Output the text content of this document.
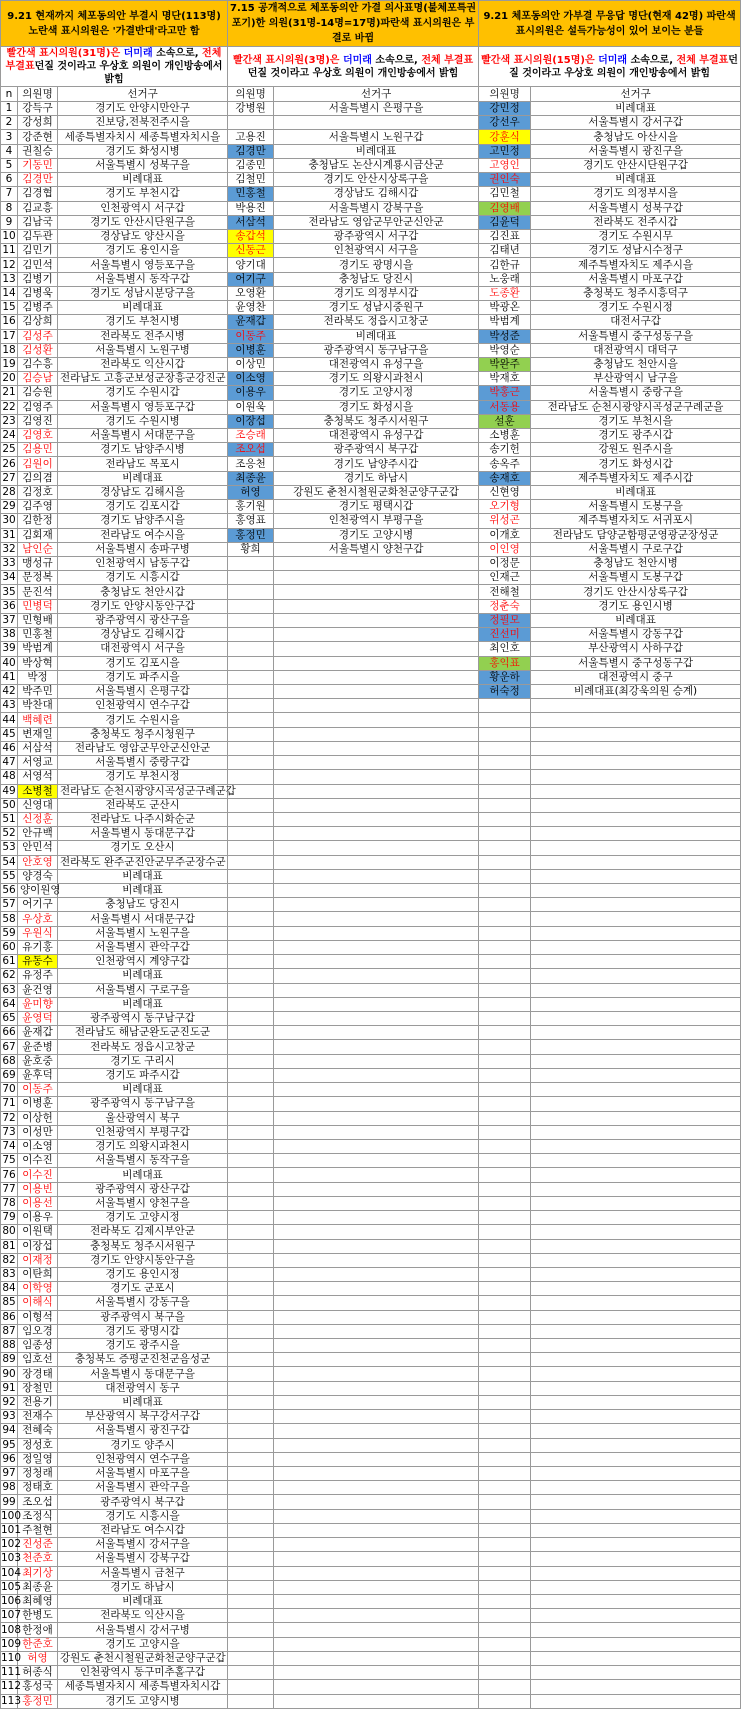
9.21 현재까지 체포동의안 부결시 명단(113명) 노란색 표시의원은 '가결반대'라고만 함			7.15 공개적으로 체포동의안 가결 의사표명(불체포특권 포기)한 의원(31명-14명=17명)파란색 표시의원은 부결로 바뀜		9.21 체포동의안 가부결 무응답 명단(현재 42명) 파란색 표시의원은 설득가능성이 있어 보이는 분들	
빨간색 표시의원(31명)은 더미래 소속으로, 전체 부결표던질 것이라고 우상호 의원이 개인방송에서 밝힘			빨간색 표시의원(3명)은 더미래 소속으로, 전체 부결표던질 것이라고 우상호 의원이 개인방송에서 밝힘		빨간색 표시의원(15명)은 더미래 소속으로, 전체 부결표던질 것이라고 우상호 의원이 개인방송에서 밝힘	
n	의원명	선거구	의원명	선거구	의원명	선거구
1	강득구	경기도 안양시만안구	강병원	서울특별시 은평구을	강민정	비례대표
2	강성희	진보당,전북전주시을			강선우	서울특별시 강서구갑
3	강준현	세종특별자치시 세종특별자치시을	고용진	서울특별시 노원구갑	강훈식	충청남도 아산시을
4	권칠승	경기도 화성시병	김경만	비례대표	고민정	서울특별시 광진구을
5	기동민	서울특별시 성북구을	김종민	충청남도 논산시계룡시금산군	고영인	경기도 안산시단원구갑
6	김경만	비례대표	김철민	경기도 안산시상록구을	권인숙	비례대표
7	김경협	경기도 부천시갑	민홍철	경상남도 김해시갑	김민철	경기도 의정부시을
8	김교흥	인천광역시 서구갑	박용진	서울특별시 강북구을	김영배	서울특별시 성북구갑
9	김남국	경기도 안산시단원구을	서삼석	전라남도 영암군무안군신안군	김윤덕	전라북도 전주시갑
10	김두관	경상남도 양산시을	송갑석	광주광역시 서구갑	김진표	경기도 수원시무
11	김민기	경기도 용인시을	신동근	인천광역시 서구을	김태년	경기도 성남시수정구
12	김민석	서울특별시 영등포구을	양기대	경기도 광명시을	김한규	제주특별자치도 제주시을
13	김병기	서울특별시 동작구갑	어기구	충청남도 당진시	노웅래	서울특별시 마포구갑
14	김병욱	경기도 성남시분당구을	오영환	경기도 의정부시갑	도종환	충청북도 청주시흥덕구
15	김병주	비례대표	윤영찬	경기도 성남시중원구	박광온	경기도 수원시정
16	김상희	경기도 부천시병	윤재갑	전라북도 정읍시고창군	박범계	대전서구갑
17	김성주	전라북도 전주시병	이동주	비례대표	박성준	서울특별시 중구성동구을
18	김성환	서울특별시 노원구병	이병훈	광주광역시 동구남구을	박영순	대전광역시 대덕구
19	김수흥	전라북도 익산시갑	이상민	대전광역시 유성구을	박완주	충청남도 천안시을
20	김승남	전라남도 고흥군보성군장흥군강진군	이소영	경기도 의왕시과천시	박재호	부산광역시 남구을
21	김승원	경기도 수원시갑	이용우	경기도 고양시정	박홍근	서울특별시 중랑구을
22	김영주	서울특별시 영등포구갑	이원욱	경기도 화성시을	서동용	전라남도 순천시광양시곡성군구례군을
23	김영진	경기도 수원시병	이장섭	충청북도 청주시서원구	설훈	경기도 부천시을
24	김영호	서울특별시 서대문구을	조승래	대전광역시 유성구갑	소병훈	경기도 광주시갑
25	김용민	경기도 남양주시병	조오섭	광주광역시 북구갑	송기헌	강원도 원주시을
26	김원이	전라남도 목포시	조응천	경기도 남양주시갑	송옥주	경기도 화성시갑
27	김의겸	비례대표	최종윤	경기도 하남시	송재호	제주특별자치도 제주시갑
28	김정호	경상남도 김해시을	허영	강원도 춘천시철원군화천군양구군갑	신현영	비례대표
29	김주영	경기도 김포시갑	홍기원	경기도 평택시갑	오기형	서울특별시 도봉구을
30	김한정	경기도 남양주시을	홍영표	인천광역시 부평구을	위성곤	제주특별자치도 서귀포시
31	김회재	전라남도 여수시을	홍정민	경기도 고양시병	이개호	전라남도 담양군함평군영광군장성군
32	남인순	서울특별시 송파구병	황희	서울특별시 양천구갑	이인영	서울특별시 구로구갑
33	맹성규	인천광역시 남동구갑			이정문	충청남도 천안시병
34	문정복	경기도 시흥시갑			인재근	서울특별시 도봉구갑
35	문진석	충청남도 천안시갑			전해철	경기도 안산시상록구갑
36	민병덕	경기도 안양시동안구갑			정춘숙	경기도 용인시병
37	민형배	광주광역시 광산구을			정필모	비례대표
38	민홍철	경상남도 김해시갑			진선미	서울특별시 강동구갑
39	박범계	대전광역시 서구을			최인호	부산광역시 사하구갑
40	박상혁	경기도 김포시을			홍익표	서울특별시 중구성동구갑
41	박정	경기도 파주시을			황운하	대전광역시 중구
42	박주민	서울특별시 은평구갑			허숙정	비례대표(최강욱의원 승계)
43	박찬대	인천광역시 연수구갑				
44	백혜련	경기도 수원시을				
45	변재일	충청북도 청주시청원구				
46	서삼석	전라남도 영암군무안군신안군				
47	서영교	서울특별시 중랑구갑				
48	서영석	경기도 부천시정				
49	소병철	전라남도 순천시광양시곡성군구례군갑				
50	신영대	전라북도 군산시				
51	신정훈	전라남도 나주시화순군				
52	안규백	서울특별시 동대문구갑				
53	안민석	경기도 오산시				
54	안호영	전라북도 완주군진안군무주군장수군				
55	양경숙	비례대표				
56	양이원영	비례대표				
57	어기구	충청남도 당진시				
58	우상호	서울특별시 서대문구갑				
59	우원식	서울특별시 노원구을				
60	유기홍	서울특별시 관악구갑				
61	유동수	인천광역시 계양구갑				
62	유정주	비례대표				
63	윤건영	서울특별시 구로구을				
64	윤미향	비례대표				
65	윤영덕	광주광역시 동구남구갑				
66	윤재갑	전라남도 해남군완도군진도군				
67	윤준병	전라북도 정읍시고창군				
68	윤호중	경기도 구리시				
69	윤후덕	경기도 파주시갑				
70	이동주	비례대표				
71	이병훈	광주광역시 동구남구을				
72	이상헌	울산광역시 북구				
73	이성만	인천광역시 부평구갑				
74	이소영	경기도 의왕시과천시				
75	이수진	서울특별시 동작구을				
76	이수진	비례대표				
77	이용빈	광주광역시 광산구갑				
78	이용선	서울특별시 양천구을				
79	이용우	경기도 고양시정				
80	이원택	전라북도 김제시부안군				
81	이장섭	충청북도 청주시서원구				
82	이재정	경기도 안양시동안구을				
83	이탄희	경기도 용인시정				
84	이학영	경기도 군포시				
85	이해식	서울특별시 강동구을				
86	이형석	광주광역시 북구을				
87	임오경	경기도 광명시갑				
88	임종성	경기도 광주시을				
89	임호선	충청북도 증평군진천군음성군				
90	장경태	서울특별시 동대문구을				
91	장철민	대전광역시 동구				
92	전용기	비례대표				
93	전재수	부산광역시 북구강서구갑				
94	전혜숙	서울특별시 광진구갑				
95	정성호	경기도 양주시				
96	정일영	인천광역시 연수구을				
97	정청래	서울특별시 마포구을				
98	정태호	서울특별시 관악구을				
99	조오섭	광주광역시 북구갑				
100	조정식	경기도 시흥시을				
101	주철현	전라남도 여수시갑				
102	진성준	서울특별시 강서구을				
103	천준호	서울특별시 강북구갑				
104	최기상	서울특별시 금천구				
105	최종윤	경기도 하남시				
106	최혜영	비례대표				
107	한병도	전라북도 익산시을				
108	한정애	서울특별시 강서구병				
109	한준호	경기도 고양시을				
110	허영	강원도 춘천시철원군화천군양구군갑				
111	허종식	인천광역시 동구미추홀구갑				
112	홍성국	세종특별자치시 세종특별자치시갑				
113	홍정민	경기도 고양시병				
